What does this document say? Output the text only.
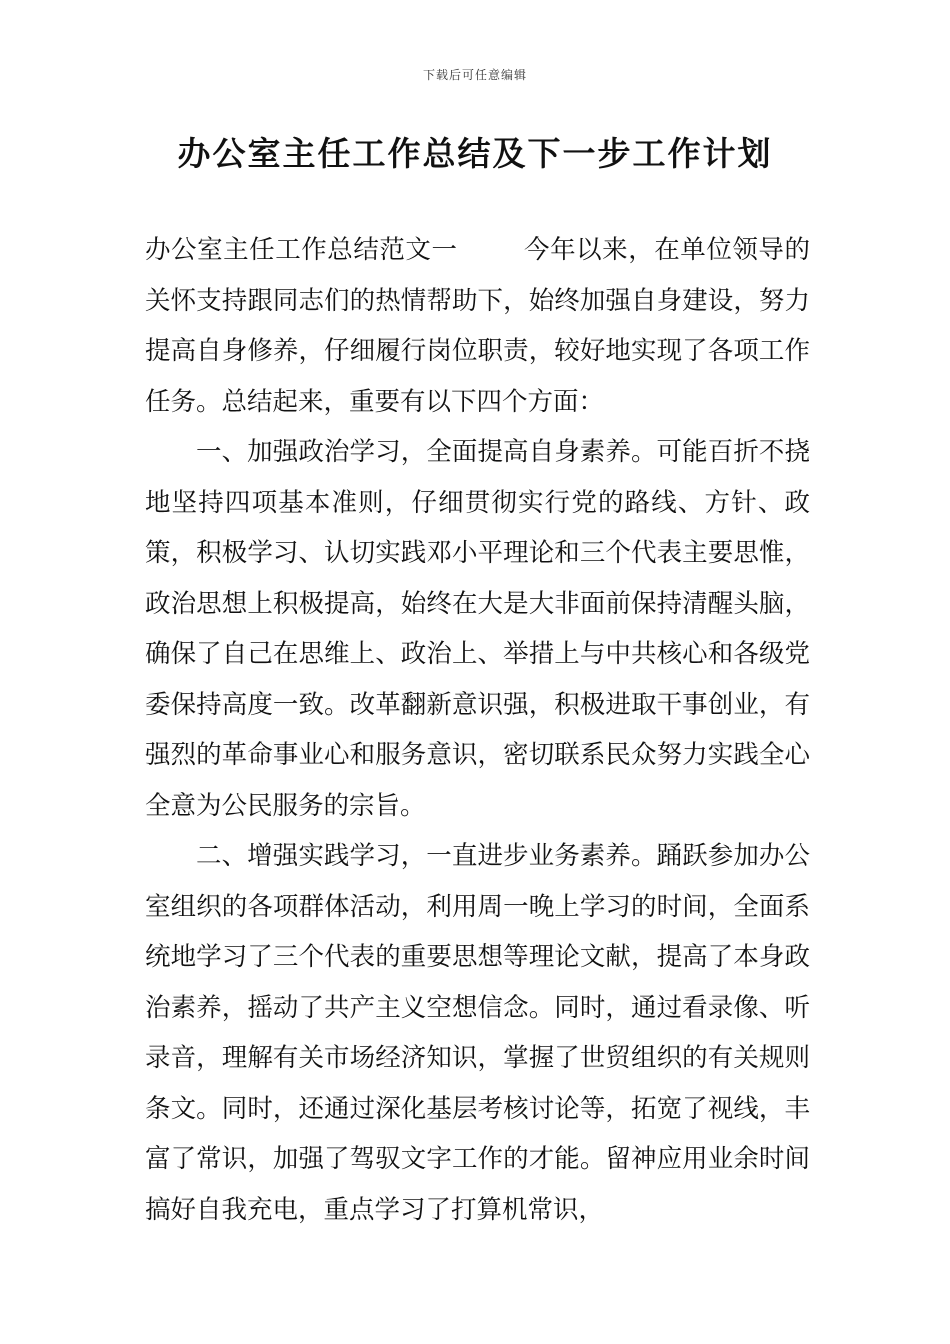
下载后可任意编辑
办公室主任工作总结及下一步工作计划

办公室主任工作总结范文一	今年以来，在单位领导的关怀支持跟同志们的热情帮助下，始终加强自身建设，努力提高自身修养，仔细履行岗位职责，较好地实现了各项工作任务。总结起来，重要有以下四个方面：

一、加强政治学习，全面提高自身素养。可能百折不挠地坚持四项基本准则，仔细贯彻实行党的路线、方针、政策，积极学习、认切实践邓小平理论和三个代表主要思惟，政治思想上积极提高，始终在大是大非面前保持清醒头脑，确保了自己在思维上、政治上、举措上与中共核心和各级党委保持高度一致。改革翻新意识强，积极进取干事创业，有强烈的革命事业心和服务意识，密切联系民众努力实践全心全意为公民服务的宗旨。

二、增强实践学习，一直进步业务素养。踊跃参加办公室组织的各项群体活动，利用周一晚上学习的时间，全面系统地学习了三个代表的重要思想等理论文献，提高了本身政治素养，摇动了共产主义空想信念。同时，通过看录像、听录音，理解有关市场经济知识，掌握了世贸组织的有关规则条文。同时，还通过深化基层考核讨论等，拓宽了视线，丰富了常识，加强了驾驭文字工作的才能。留神应用业余时间搞好自我充电，重点学习了打算机常识，
